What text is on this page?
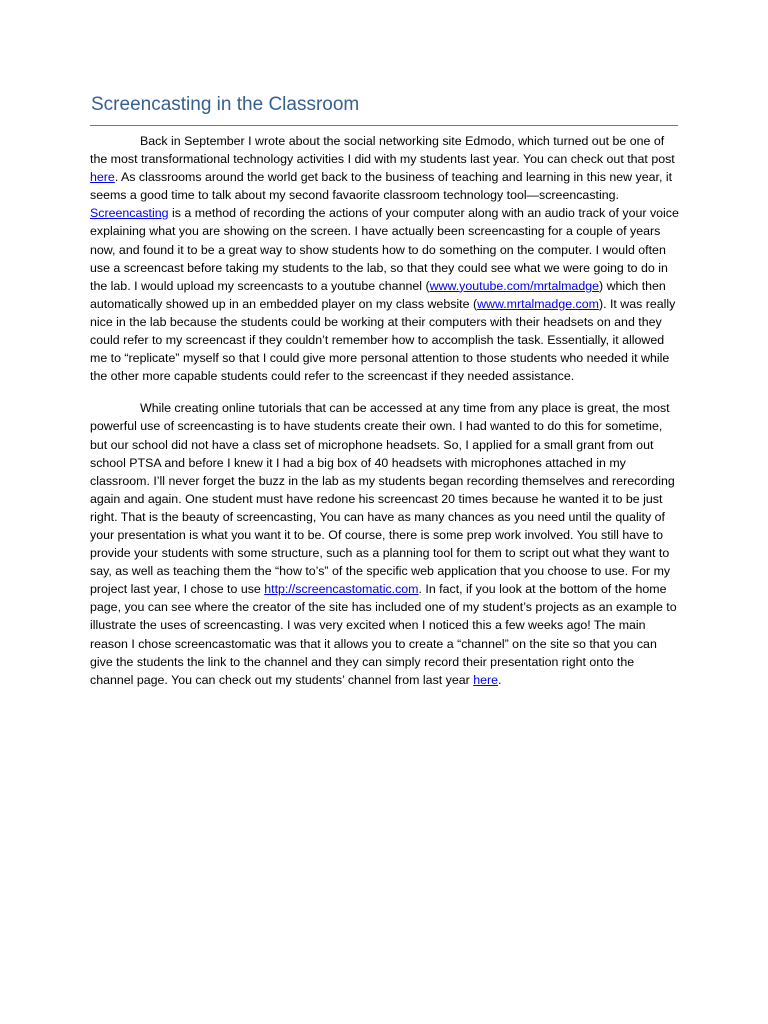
Screencasting in the Classroom

Back in September I wrote about the social networking site Edmodo, which turned out be one of the most transformational technology activities I did with my students last year. You can check out that post here. As classrooms around the world get back to the business of teaching and learning in this new year, it seems a good time to talk about my second favaorite classroom technology tool—screencasting. Screencasting is a method of recording the actions of your computer along with an audio track of your voice explaining what you are showing on the screen. I have actually been screencasting for a couple of years now, and found it to be a great way to show students how to do something on the computer. I would often use a screencast before taking my students to the lab, so that they could see what we were going to do in the lab. I would upload my screencasts to a youtube channel (www.youtube.com/mrtalmadge) which then automatically showed up in an embedded player on my class website (www.mrtalmadge.com). It was really nice in the lab because the students could be working at their computers with their headsets on and they could refer to my screencast if they couldn’t remember how to accomplish the task. Essentially, it allowed me to “replicate” myself so that I could give more personal attention to those students who needed it while the other more capable students could refer to the screencast if they needed assistance.

While creating online tutorials that can be accessed at any time from any place is great, the most powerful use of screencasting is to have students create their own. I had wanted to do this for sometime, but our school did not have a class set of microphone headsets. So, I applied for a small grant from out school PTSA and before I knew it I had a big box of 40 headsets with microphones attached in my classroom. I’ll never forget the buzz in the lab as my students began recording themselves and rerecording again and again. One student must have redone his screencast 20 times because he wanted it to be just right. That is the beauty of screencasting, You can have as many chances as you need until the quality of your presentation is what you want it to be. Of course, there is some prep work involved. You still have to provide your students with some structure, such as a planning tool for them to script out what they want to say, as well as teaching them the “how to’s” of the specific web application that you choose to use. For my project last year, I chose to use http://screencastomatic.com. In fact, if you look at the bottom of the home page, you can see where the creator of the site has included one of my student’s projects as an example to illustrate the uses of screencasting. I was very excited when I noticed this a few weeks ago! The main reason I chose screencastomatic was that it allows you to create a “channel” on the site so that you can give the students the link to the channel and they can simply record their presentation right onto the channel page. You can check out my students’ channel from last year here.
